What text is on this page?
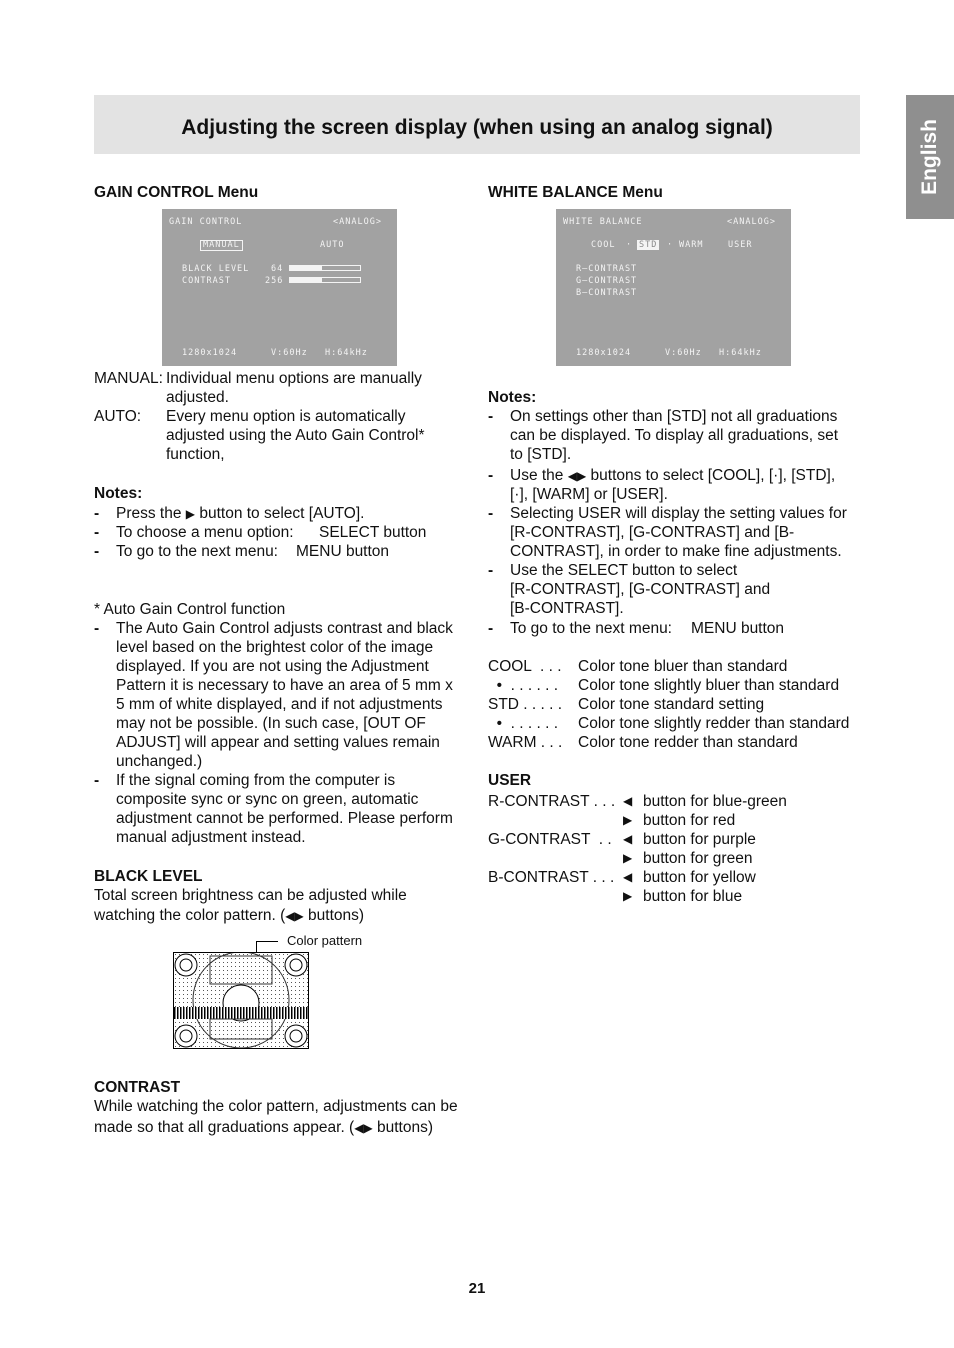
Adjusting the screen display (when using an analog signal)	English
GAIN CONTROL Menu
GAIN CONTROL	<ANALOG>
MANUAL	AUTO
BLACK LEVEL	64
CONTRAST	256
1280x1024	V:60Hz H:64kHz
MANUAL: Individual menu options are manually
adjusted.
AUTO: Every menu option is automatically
adjusted using the Auto Gain Control*
function,
Notes:
- Press the ▶ button to select [AUTO].
- To choose a menu option: SELECT button
- To go to the next menu: MENU button
* Auto Gain Control function
- The Auto Gain Control adjusts contrast and black
level based on the brightest color of the image
displayed. If you are not using the Adjustment
Pattern it is necessary to have an area of 5 mm x
5 mm of white displayed, and if not adjustments
may not be possible. (In such case, [OUT OF
ADJUST] will appear and setting values remain
unchanged.)
- If the signal coming from the computer is
composite sync or sync on green, automatic
adjustment cannot be performed. Please perform
manual adjustment instead.
BLACK LEVEL
Total screen brightness can be adjusted while
watching the color pattern. (◀▶ buttons)
Color pattern
CONTRAST
While watching the color pattern, adjustments can be
made so that all graduations appear. (◀▶ buttons)
WHITE BALANCE Menu
WHITE BALANCE	<ANALOG>
COOL · STD · WARM	USER
R–CONTRAST
G–CONTRAST
B–CONTRAST
1280x1024	V:60Hz H:64kHz
Notes:
- On settings other than [STD] not all graduations
can be displayed. To display all graduations, set
to [STD].
- Use the ◀▶ buttons to select [COOL], [·], [STD],
[·], [WARM] or [USER].
- Selecting USER will display the setting values for
[R-CONTRAST], [G-CONTRAST] and [B-
CONTRAST], in order to make fine adjustments.
- Use the SELECT button to select
[R-CONTRAST], [G-CONTRAST] and
[B-CONTRAST].
- To go to the next menu: MENU button
COOL  . . . Color tone bluer than standard
•  . . . . . . Color tone slightly bluer than standard
STD . . . . . Color tone standard setting
•  . . . . . . Color tone slightly redder than standard
WARM . . . Color tone redder than standard
USER
R-CONTRAST . . . ◀ button for blue-green
▶ button for red
G-CONTRAST  . . ◀ button for purple
▶ button for green
B-CONTRAST . . . ◀ button for yellow
▶ button for blue
21
